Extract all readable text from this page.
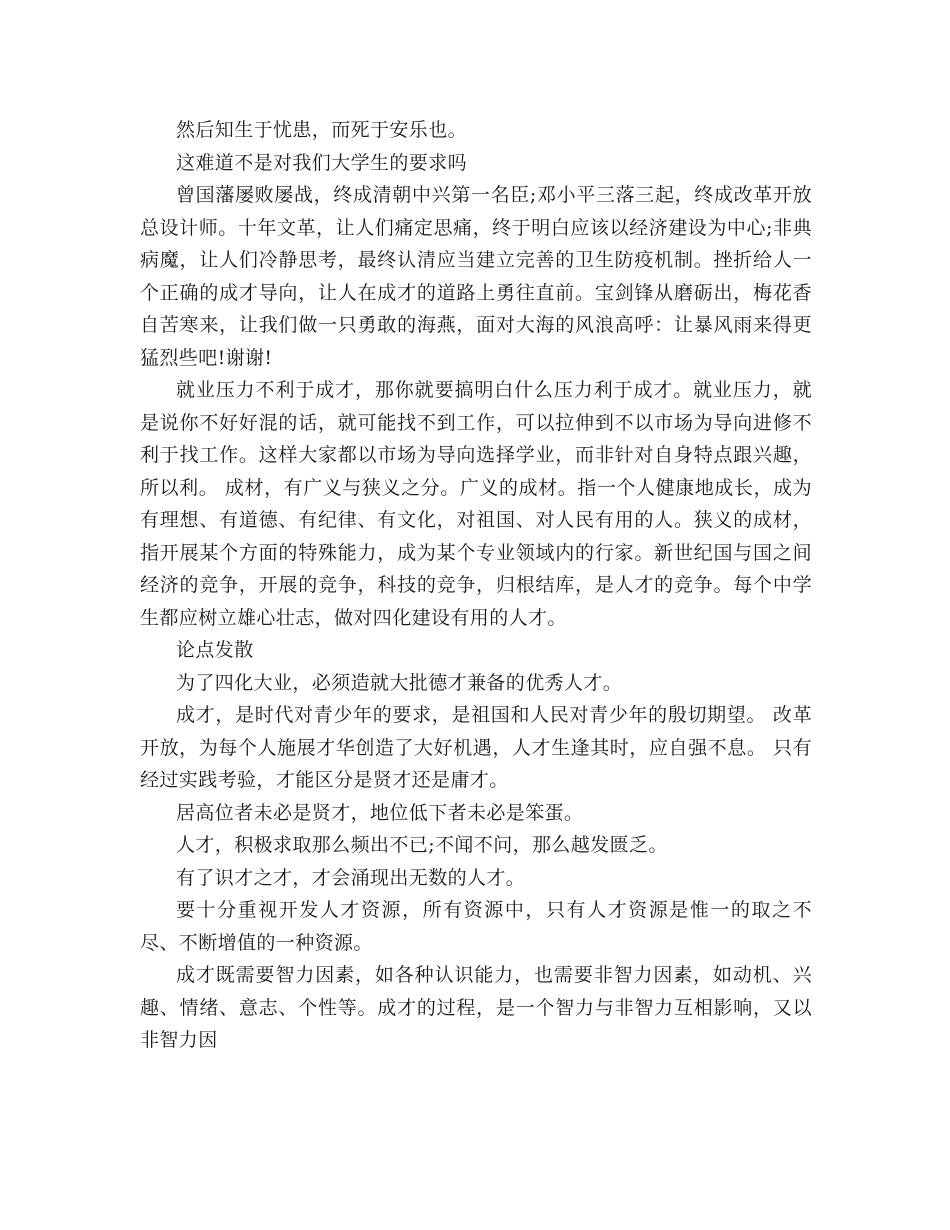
然后知生于忧患，而死于安乐也。

这难道不是对我们大学生的要求吗

曾国藩屡败屡战，终成清朝中兴第一名臣;邓小平三落三起，终成改革开放总设计师。十年文革，让人们痛定思痛，终于明白应该以经济建设为中心;非典病魔，让人们冷静思考，最终认清应当建立完善的卫生防疫机制。挫折给人一个正确的成才导向，让人在成才的道路上勇往直前。宝剑锋从磨砺出，梅花香自苦寒来，让我们做一只勇敢的海燕，面对大海的风浪高呼：让暴风雨来得更猛烈些吧!谢谢!

就业压力不利于成才，那你就要搞明白什么压力利于成才。就业压力，就是说你不好好混的话，就可能找不到工作，可以拉伸到不以市场为导向进修不利于找工作。这样大家都以市场为导向选择学业，而非针对自身特点跟兴趣，所以利。 成材，有广义与狭义之分。广义的成材。指一个人健康地成长，成为有理想、有道德、有纪律、有文化，对祖国、对人民有用的人。狭义的成材，指开展某个方面的特殊能力，成为某个专业领域内的行家。新世纪国与国之间经济的竞争，开展的竞争，科技的竞争，归根结库，是人才的竞争。每个中学生都应树立雄心壮志，做对四化建设有用的人才。

论点发散

为了四化大业，必须造就大批德才兼备的优秀人才。

成才，是时代对青少年的要求，是祖国和人民对青少年的殷切期望。 改革开放，为每个人施展才华创造了大好机遇，人才生逢其时，应自强不息。 只有经过实践考验，才能区分是贤才还是庸才。

居高位者未必是贤才，地位低下者未必是笨蛋。

人才，积极求取那么频出不已;不闻不问，那么越发匮乏。

有了识才之才，才会涌现出无数的人才。

要十分重视开发人才资源，所有资源中，只有人才资源是惟一的取之不尽、不断增值的一种资源。

成才既需要智力因素，如各种认识能力，也需要非智力因素，如动机、兴趣、情绪、意志、个性等。成才的过程，是一个智力与非智力互相影响，又以非智力因
